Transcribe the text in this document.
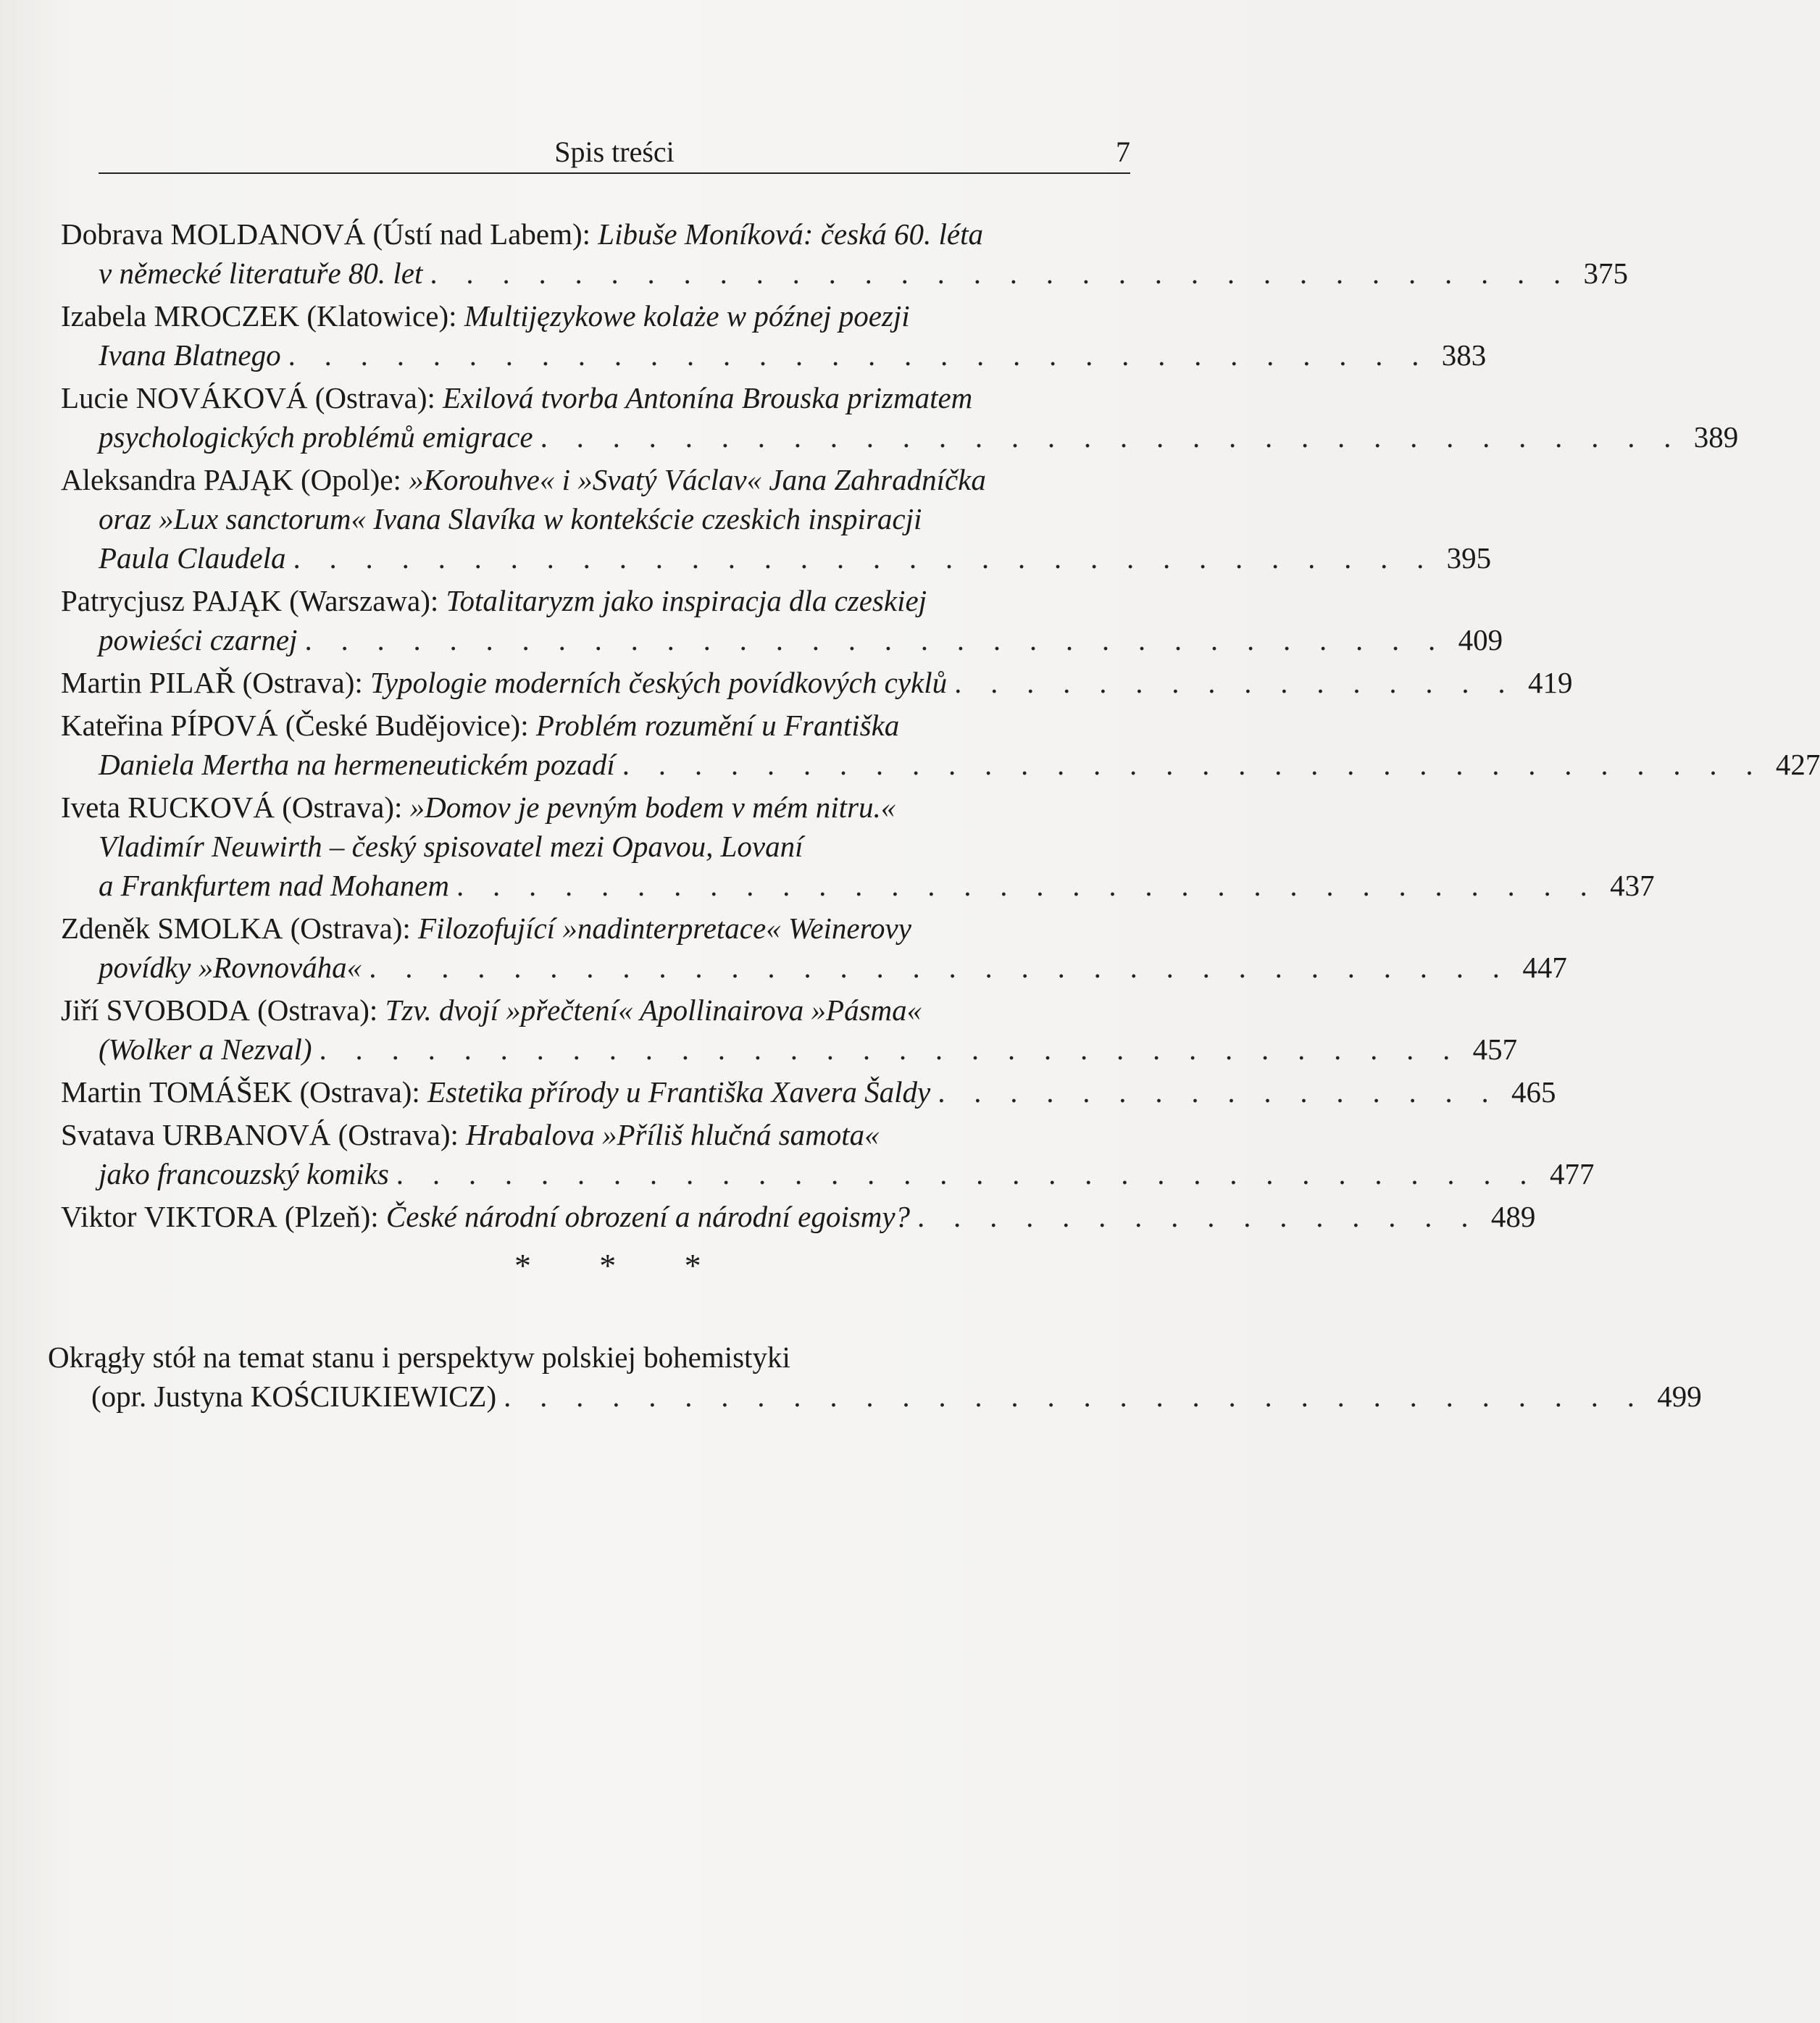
Spis treści	7
Dobrava
MOLDANOVÁ
(Ústí nad Labem):
Libuše Moníková: česká 60. léta
v německé literatuře 80. let . . . . . . . . . . . . . . . . . . . . . . . . . . . . . . . . 375
Izabela
MROCZEK
(Klatowice):
Multijęzykowe kolaże w późnej poezji
Ivana Blatnego . . . . . . . . . . . . . . . . . . . . . . . . . . . . . . . . 383
Lucie
NOVÁKOVÁ
(Ostrava):
Exilová tvorba Antonína Brouska prizmatem
psychologických problémů emigrace . . . . . . . . . . . . . . . . . . . . . . . . . . . . . . . . 389
Aleksandra
PAJĄK
(Opol)e:
»Korouhve« i »Svatý Václav« Jana Zahradníčka
oraz »Lux sanctorum« Ivana Slavíka w kontekście czeskich inspiracji
Paula Claudela . . . . . . . . . . . . . . . . . . . . . . . . . . . . . . . . 395
Patrycjusz
PAJĄK
(Warszawa):
Totalitaryzm jako inspiracja dla czeskiej
powieści czarnej . . . . . . . . . . . . . . . . . . . . . . . . . . . . . . . . 409
Martin
PILAŘ
(Ostrava):
Typologie moderních českých povídkových cyklů . . . . . . . . . . . . . . . . 419
Kateřina
PÍPOVÁ
(České Budějovice):
Problém rozumění u Františka
Daniela Mertha na hermeneutickém pozadí . . . . . . . . . . . . . . . . . . . . . . . . . . . . . . . . 427
Iveta
RUCKOVÁ
(Ostrava):
»Domov je pevným bodem v mém nitru.«
Vladimír Neuwirth – český spisovatel mezi Opavou, Lovaní
a Frankfurtem nad Mohanem . . . . . . . . . . . . . . . . . . . . . . . . . . . . . . . . 437
Zdeněk
SMOLKA
(Ostrava):
Filozofující »nadinterpretace« Weinerovy
povídky »Rovnováha« . . . . . . . . . . . . . . . . . . . . . . . . . . . . . . . . 447
Jiří
SVOBODA
(Ostrava):
Tzv. dvojí »přečtení« Apollinairova »Pásma«
(Wolker a Nezval) . . . . . . . . . . . . . . . . . . . . . . . . . . . . . . . . 457
Martin
TOMÁŠEK
(Ostrava):
Estetika přírody u Františka Xavera Šaldy . . . . . . . . . . . . . . . . 465
Svatava
URBANOVÁ
(Ostrava):
Hrabalova »Příliš hlučná samota«
jako francouzský komiks . . . . . . . . . . . . . . . . . . . . . . . . . . . . . . . . 477
Viktor
VIKTORA
(Plzeň):
České národní obrození a národní egoismy? . . . . . . . . . . . . . . . . 489
* * *
Okrągły stół na temat stanu i perspektyw polskiej bohemistyki
(opr. Justyna
KOŚCIUKIEWICZ) . . . . . . . . . . . . . . . . . . . . . . . . . . . . . . . . 499
